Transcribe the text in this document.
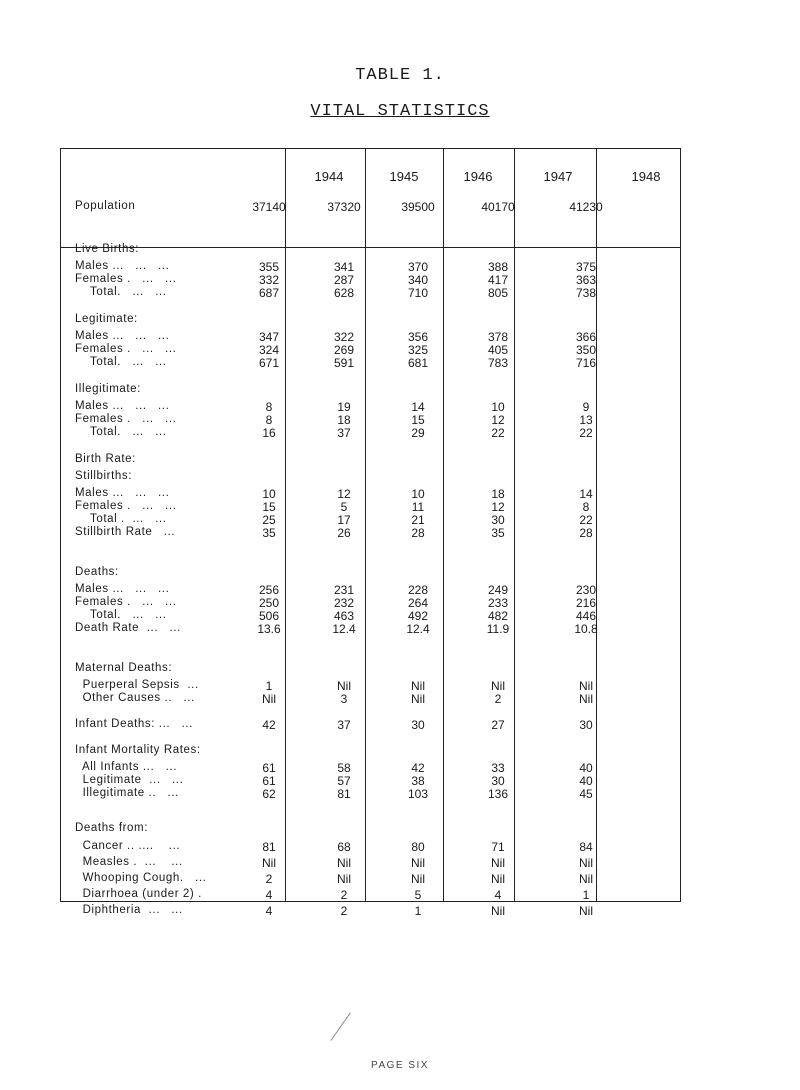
TABLE 1.
VITAL STATISTICS
1944	1945	1946	1947	1948
Population	37140	37320	39500	40170	41230
Live Births:
Males ...   ...   ...	355	341	370	388	375
Females .   ...   ...	332	287	340	417	363
Total.   ...   ...	687	628	710	805	738
Legitimate:
Males ...   ...   ...	347	322	356	378	366
Females .   ...   ...	324	269	325	405	350
Total.   ...   ...	671	591	681	783	716
Illegitimate:
Males ...   ...   ...	8	19	14	10	9
Females .   ...   ...	8	18	15	12	13
Total.   ...   ...	16	37	29	22	22
Birth Rate:
Stillbirths:
Males ...   ...   ...	10	12	10	18	14
Females .   ...   ...	15	5	11	12	8
Total .  ...   ...	25	17	21	30	22
Stillbirth Rate   ...	35	26	28	35	28
Deaths:
Males ...   ...   ...	256	231	228	249	230
Females .   ...   ...	250	232	264	233	216
Total.   ...   ...	506	463	492	482	446
Death Rate  ...   ...	13.6	12.4	12.4	11.9	10.8
Maternal Deaths:
Puerperal Sepsis  ...	1	Nil	Nil	Nil	Nil
Other Causes ..   ...	Nil	3	Nil	2	Nil
Infant Deaths: ...   ...	42	37	30	27	30
Infant Mortality Rates:
All Infants ...   ...	61	58	42	33	40
Legitimate  ...   ...	61	57	38	30	40
Illegitimate ..   ...	62	81	103	136	45
Deaths from:
Cancer .. ....    ...	81	68	80	71	84
Measles .  ...    ...	Nil	Nil	Nil	Nil	Nil
Whooping Cough.   ...	2	Nil	Nil	Nil	Nil
Diarrhoea (under 2) .	4	2	5	4	1
Diphtheria  ...   ...	4	2	1	Nil	Nil
PAGE SIX
